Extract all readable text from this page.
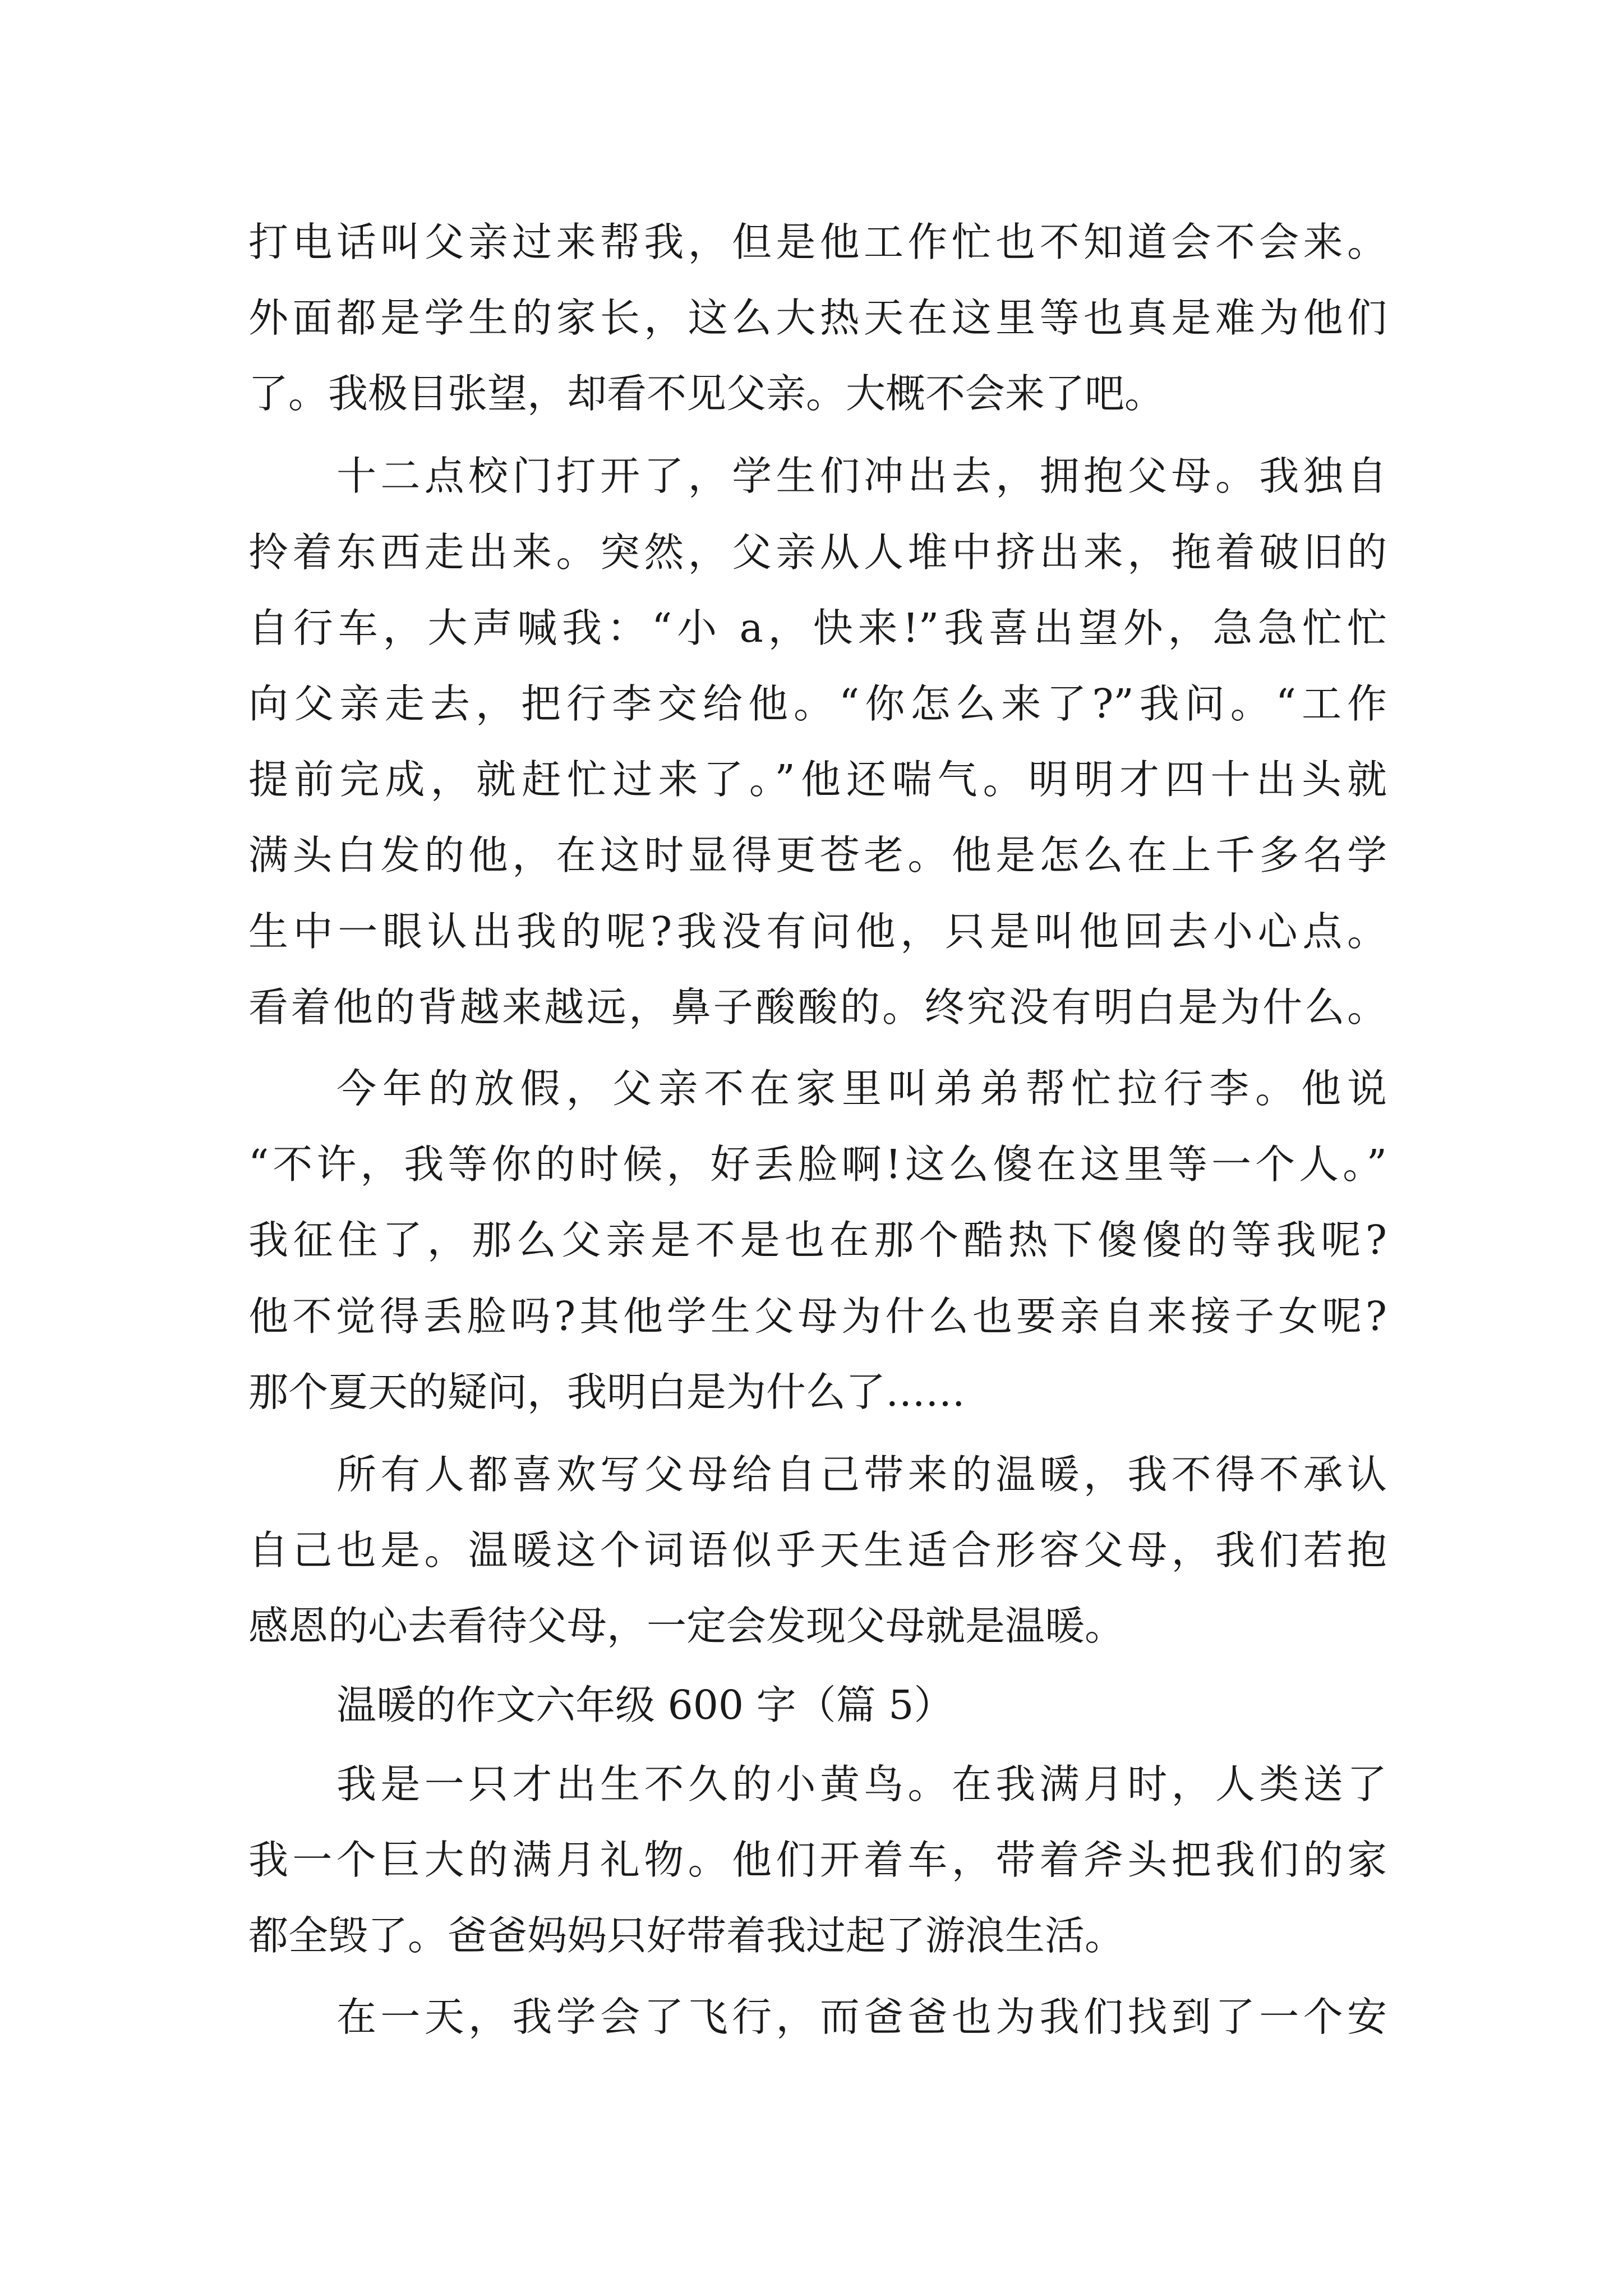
打电话叫父亲过来帮我，但是他工作忙也不知道会不会来。
外面都是学生的家长，这么大热天在这里等也真是难为他们
了。我极目张望，却看不见父亲。大概不会来了吧。
十二点校门打开了，学生们冲出去，拥抱父母。我独自
拎着东西走出来。突然，父亲从人堆中挤出来，拖着破旧的
自行车，大声喊我：“小 a，快来!”我喜出望外，急急忙忙
向父亲走去，把行李交给他。“你怎么来了?”我问。“工作
提前完成，就赶忙过来了。”他还喘气。明明才四十出头就
满头白发的他，在这时显得更苍老。他是怎么在上千多名学
生中一眼认出我的呢?我没有问他，只是叫他回去小心点。
看着他的背越来越远，鼻子酸酸的。终究没有明白是为什么。
今年的放假，父亲不在家里叫弟弟帮忙拉行李。他说
“不许，我等你的时候，好丢脸啊!这么傻在这里等一个人。”
我征住了，那么父亲是不是也在那个酷热下傻傻的等我呢?
他不觉得丢脸吗?其他学生父母为什么也要亲自来接子女呢?
那个夏天的疑问，我明白是为什么了……
所有人都喜欢写父母给自己带来的温暖，我不得不承认
自己也是。温暖这个词语似乎天生适合形容父母，我们若抱
感恩的心去看待父母，一定会发现父母就是温暖。
温暖的作文六年级 600 字（篇 5）
我是一只才出生不久的小黄鸟。在我满月时，人类送了
我一个巨大的满月礼物。他们开着车，带着斧头把我们的家
都全毁了。爸爸妈妈只好带着我过起了游浪生活。
在一天，我学会了飞行，而爸爸也为我们找到了一个安
